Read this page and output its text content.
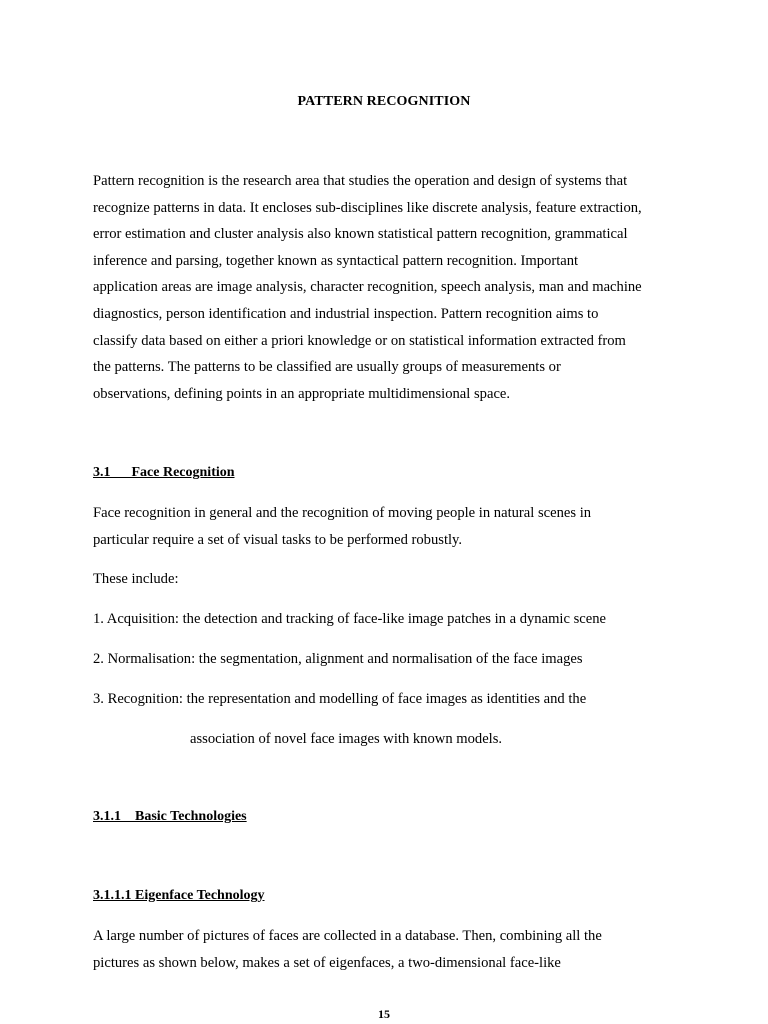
PATTERN RECOGNITION
Pattern recognition is the research area that studies the operation and design of systems that
recognize patterns in data. It encloses sub-disciplines like discrete analysis, feature extraction,
error estimation and cluster analysis also known statistical pattern recognition, grammatical
inference and parsing, together known as syntactical pattern recognition. Important
application areas are image analysis, character recognition, speech analysis, man and machine
diagnostics, person identification and industrial inspection. Pattern recognition aims to
classify data based on either a priori knowledge or on statistical information extracted from
the patterns. The patterns to be classified are usually groups of measurements or
observations, defining points in an appropriate multidimensional space.
3.1      Face Recognition
Face recognition in general and the recognition of moving people in natural scenes in
particular require a set of visual tasks to be performed robustly.
These include:
1. Acquisition: the detection and tracking of face-like image patches in a dynamic scene
2. Normalisation: the segmentation, alignment and normalisation of the face images
3. Recognition: the representation and modelling of face images as identities and the
association of novel face images with known models.
3.1.1    Basic Technologies
3.1.1.1 Eigenface Technology
A large number of pictures of faces are collected in a database. Then, combining all the
pictures as shown below, makes a set of eigenfaces, a two-dimensional face-like
15
